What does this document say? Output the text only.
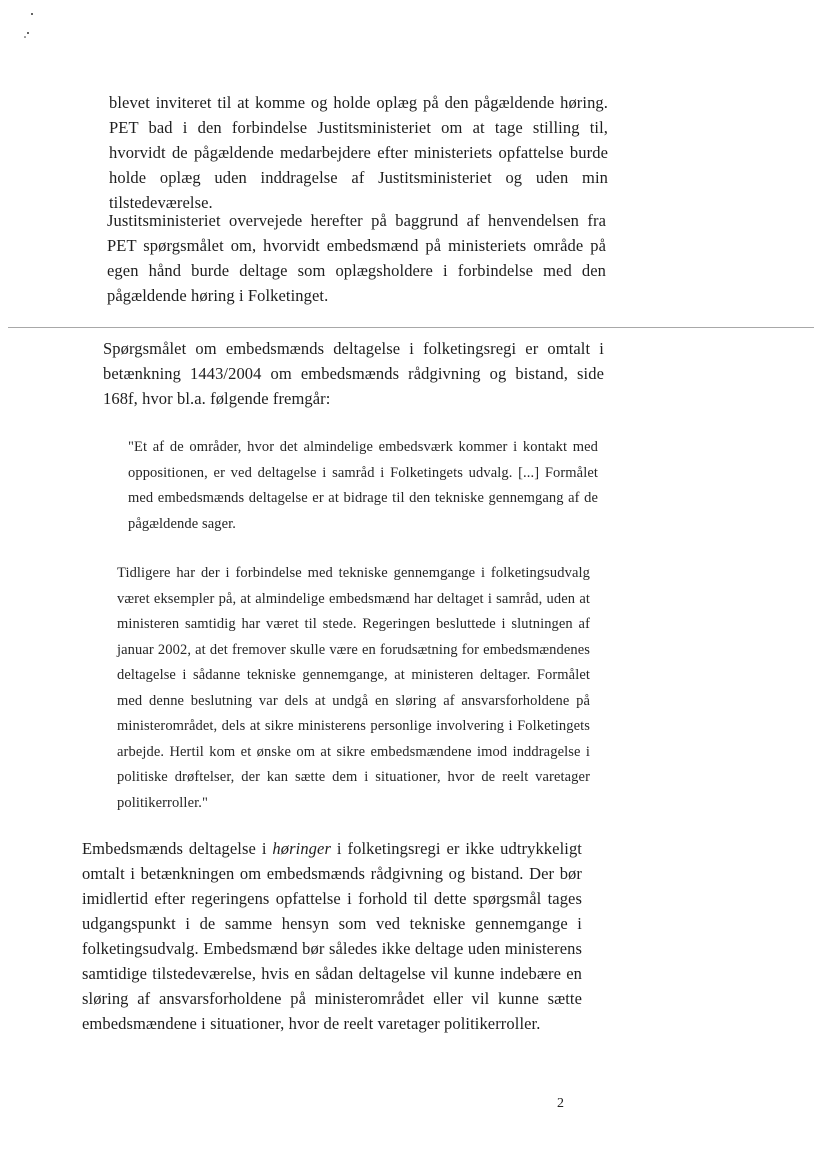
blevet inviteret til at komme og holde oplæg på den pågældende høring. PET bad i den forbindelse Justitsministeriet om at tage stilling til, hvorvidt de pågældende medarbejdere efter ministeriets opfattelse burde holde oplæg uden inddragelse af Justitsministeriet og uden min tilstedeværelse.

Justitsministeriet overvejede herefter på baggrund af henvendelsen fra PET spørgsmålet om, hvorvidt embedsmænd på ministeriets område på egen hånd burde deltage som oplægsholdere i forbindelse med den pågældende høring i Folketinget.

Spørgsmålet om embedsmænds deltagelse i folketingsregi er omtalt i betænkning 1443/2004 om embedsmænds rådgivning og bistand, side 168f, hvor bl.a. følgende fremgår:

"Et af de områder, hvor det almindelige embedsværk kommer i kontakt med oppositionen, er ved deltagelse i samråd i Folketingets udvalg. [...] Formålet med embedsmænds deltagelse er at bidrage til den tekniske gennemgang af de pågældende sager.

Tidligere har der i forbindelse med tekniske gennemgange i folketingsudvalg været eksempler på, at almindelige embedsmænd har deltaget i samråd, uden at ministeren samtidig har været til stede. Regeringen besluttede i slutningen af januar 2002, at det fremover skulle være en forudsætning for embedsmændenes deltagelse i sådanne tekniske gennemgange, at ministeren deltager. Formålet med denne beslutning var dels at undgå en sløring af ansvarsforholdene på ministerområdet, dels at sikre ministerens personlige involvering i Folketingets arbejde. Hertil kom et ønske om at sikre embedsmændene imod inddragelse i politiske drøftelser, der kan sætte dem i situationer, hvor de reelt varetager politikerroller."

Embedsmænds deltagelse i høringer i folketingsregi er ikke udtrykkeligt omtalt i betænkningen om embedsmænds rådgivning og bistand. Der bør imidlertid efter regeringens opfattelse i forhold til dette spørgsmål tages udgangspunkt i de samme hensyn som ved tekniske gennemgange i folketingsudvalg. Embedsmænd bør således ikke deltage uden ministerens samtidige tilstedeværelse, hvis en sådan deltagelse vil kunne indebære en sløring af ansvarsforholdene på ministerområdet eller vil kunne sætte embedsmændene i situationer, hvor de reelt varetager politikerroller.

2
